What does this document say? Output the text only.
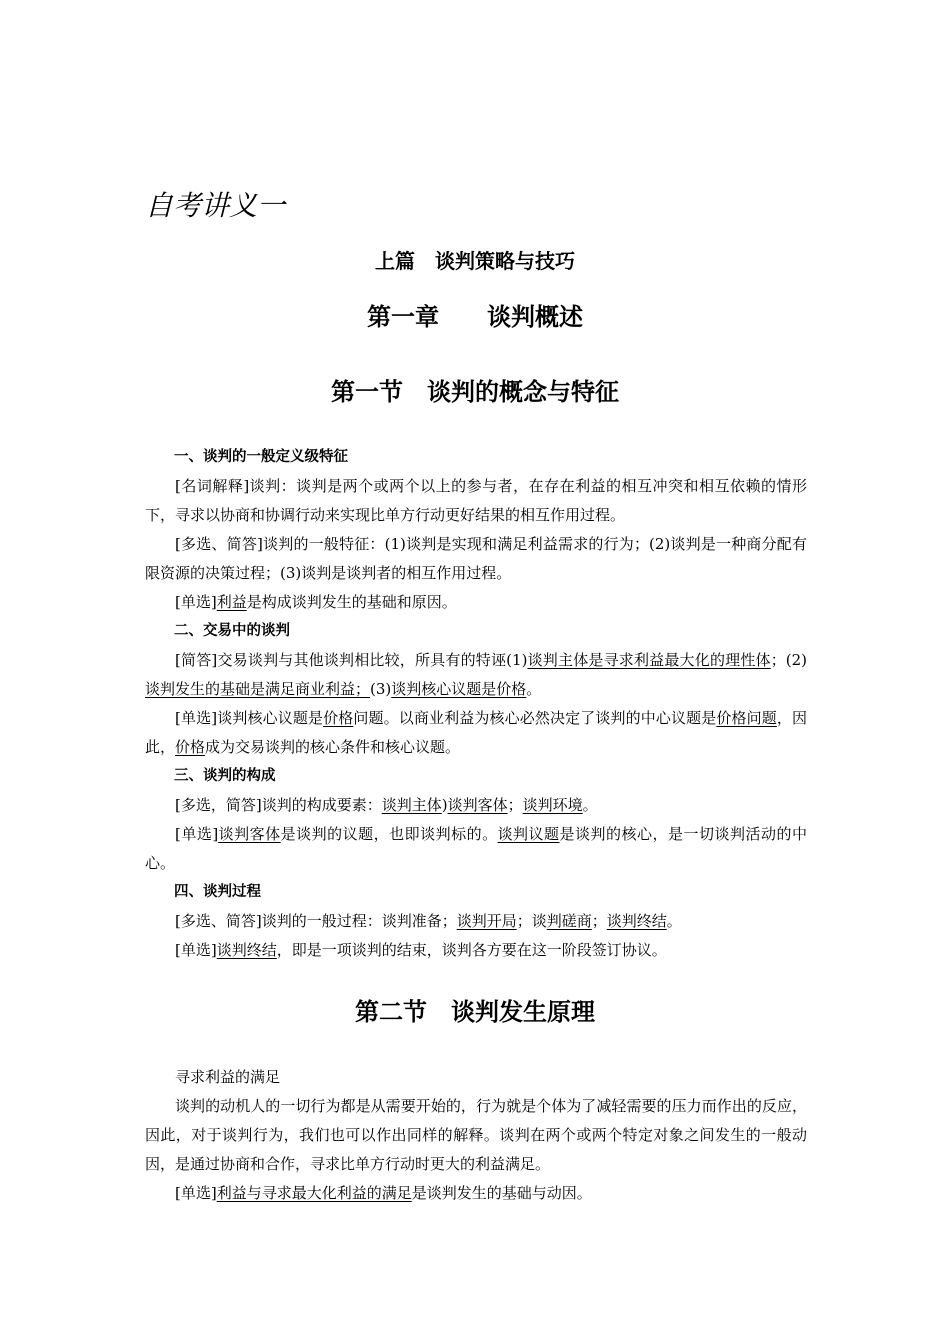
自考讲义一
上篇　谈判策略与技巧
第一章　　谈判概述
第一节　谈判的概念与特征

一、谈判的一般定义级特征

[名词解释]谈判：谈判是两个或两个以上的参与者，在存在利益的相互冲突和相互依赖的情形下，寻求以协商和协调行动来实现比单方行动更好结果的相互作用过程。

[多选、简答]谈判的一般特征：(1)谈判是实现和满足利益需求的行为；(2)谈判是一种商分配有限资源的决策过程；(3)谈判是谈判者的相互作用过程。

[单选]利益是构成谈判发生的基础和原因。

二、交易中的谈判

[简答]交易谈判与其他谈判相比较，所具有的特诬(1)谈判主体是寻求利益最大化的理性体；(2)谈判发生的基础是满足商业利益；(3)谈判核心议题是价格。

[单选]谈判核心议题是价格问题。以商业利益为核心必然决定了谈判的中心议题是价格问题，因此，价格成为交易谈判的核心条件和核心议题。

三、谈判的构成

[多选，简答]谈判的构成要素：谈判主体)谈判客体；谈判环境。

[单选]谈判客体是谈判的议题，也即谈判标的。谈判议题是谈判的核心，是一切谈判活动的中心。

四、谈判过程

[多选、简答]谈判的一般过程：谈判准备；谈判开局；谈判磋商；谈判终结。

[单选]谈判终结，即是一项谈判的结束，谈判各方要在这一阶段签订协议。

第二节　谈判发生原理

寻求利益的满足

谈判的动机人的一切行为都是从需要开始的，行为就是个体为了减轻需要的压力而作出的反应，因此，对于谈判行为，我们也可以作出同样的解释。谈判在两个或两个特定对象之间发生的一般动因，是通过协商和合作，寻求比单方行动时更大的利益满足。

[单选]利益与寻求最大化利益的满足是谈判发生的基础与动因。
